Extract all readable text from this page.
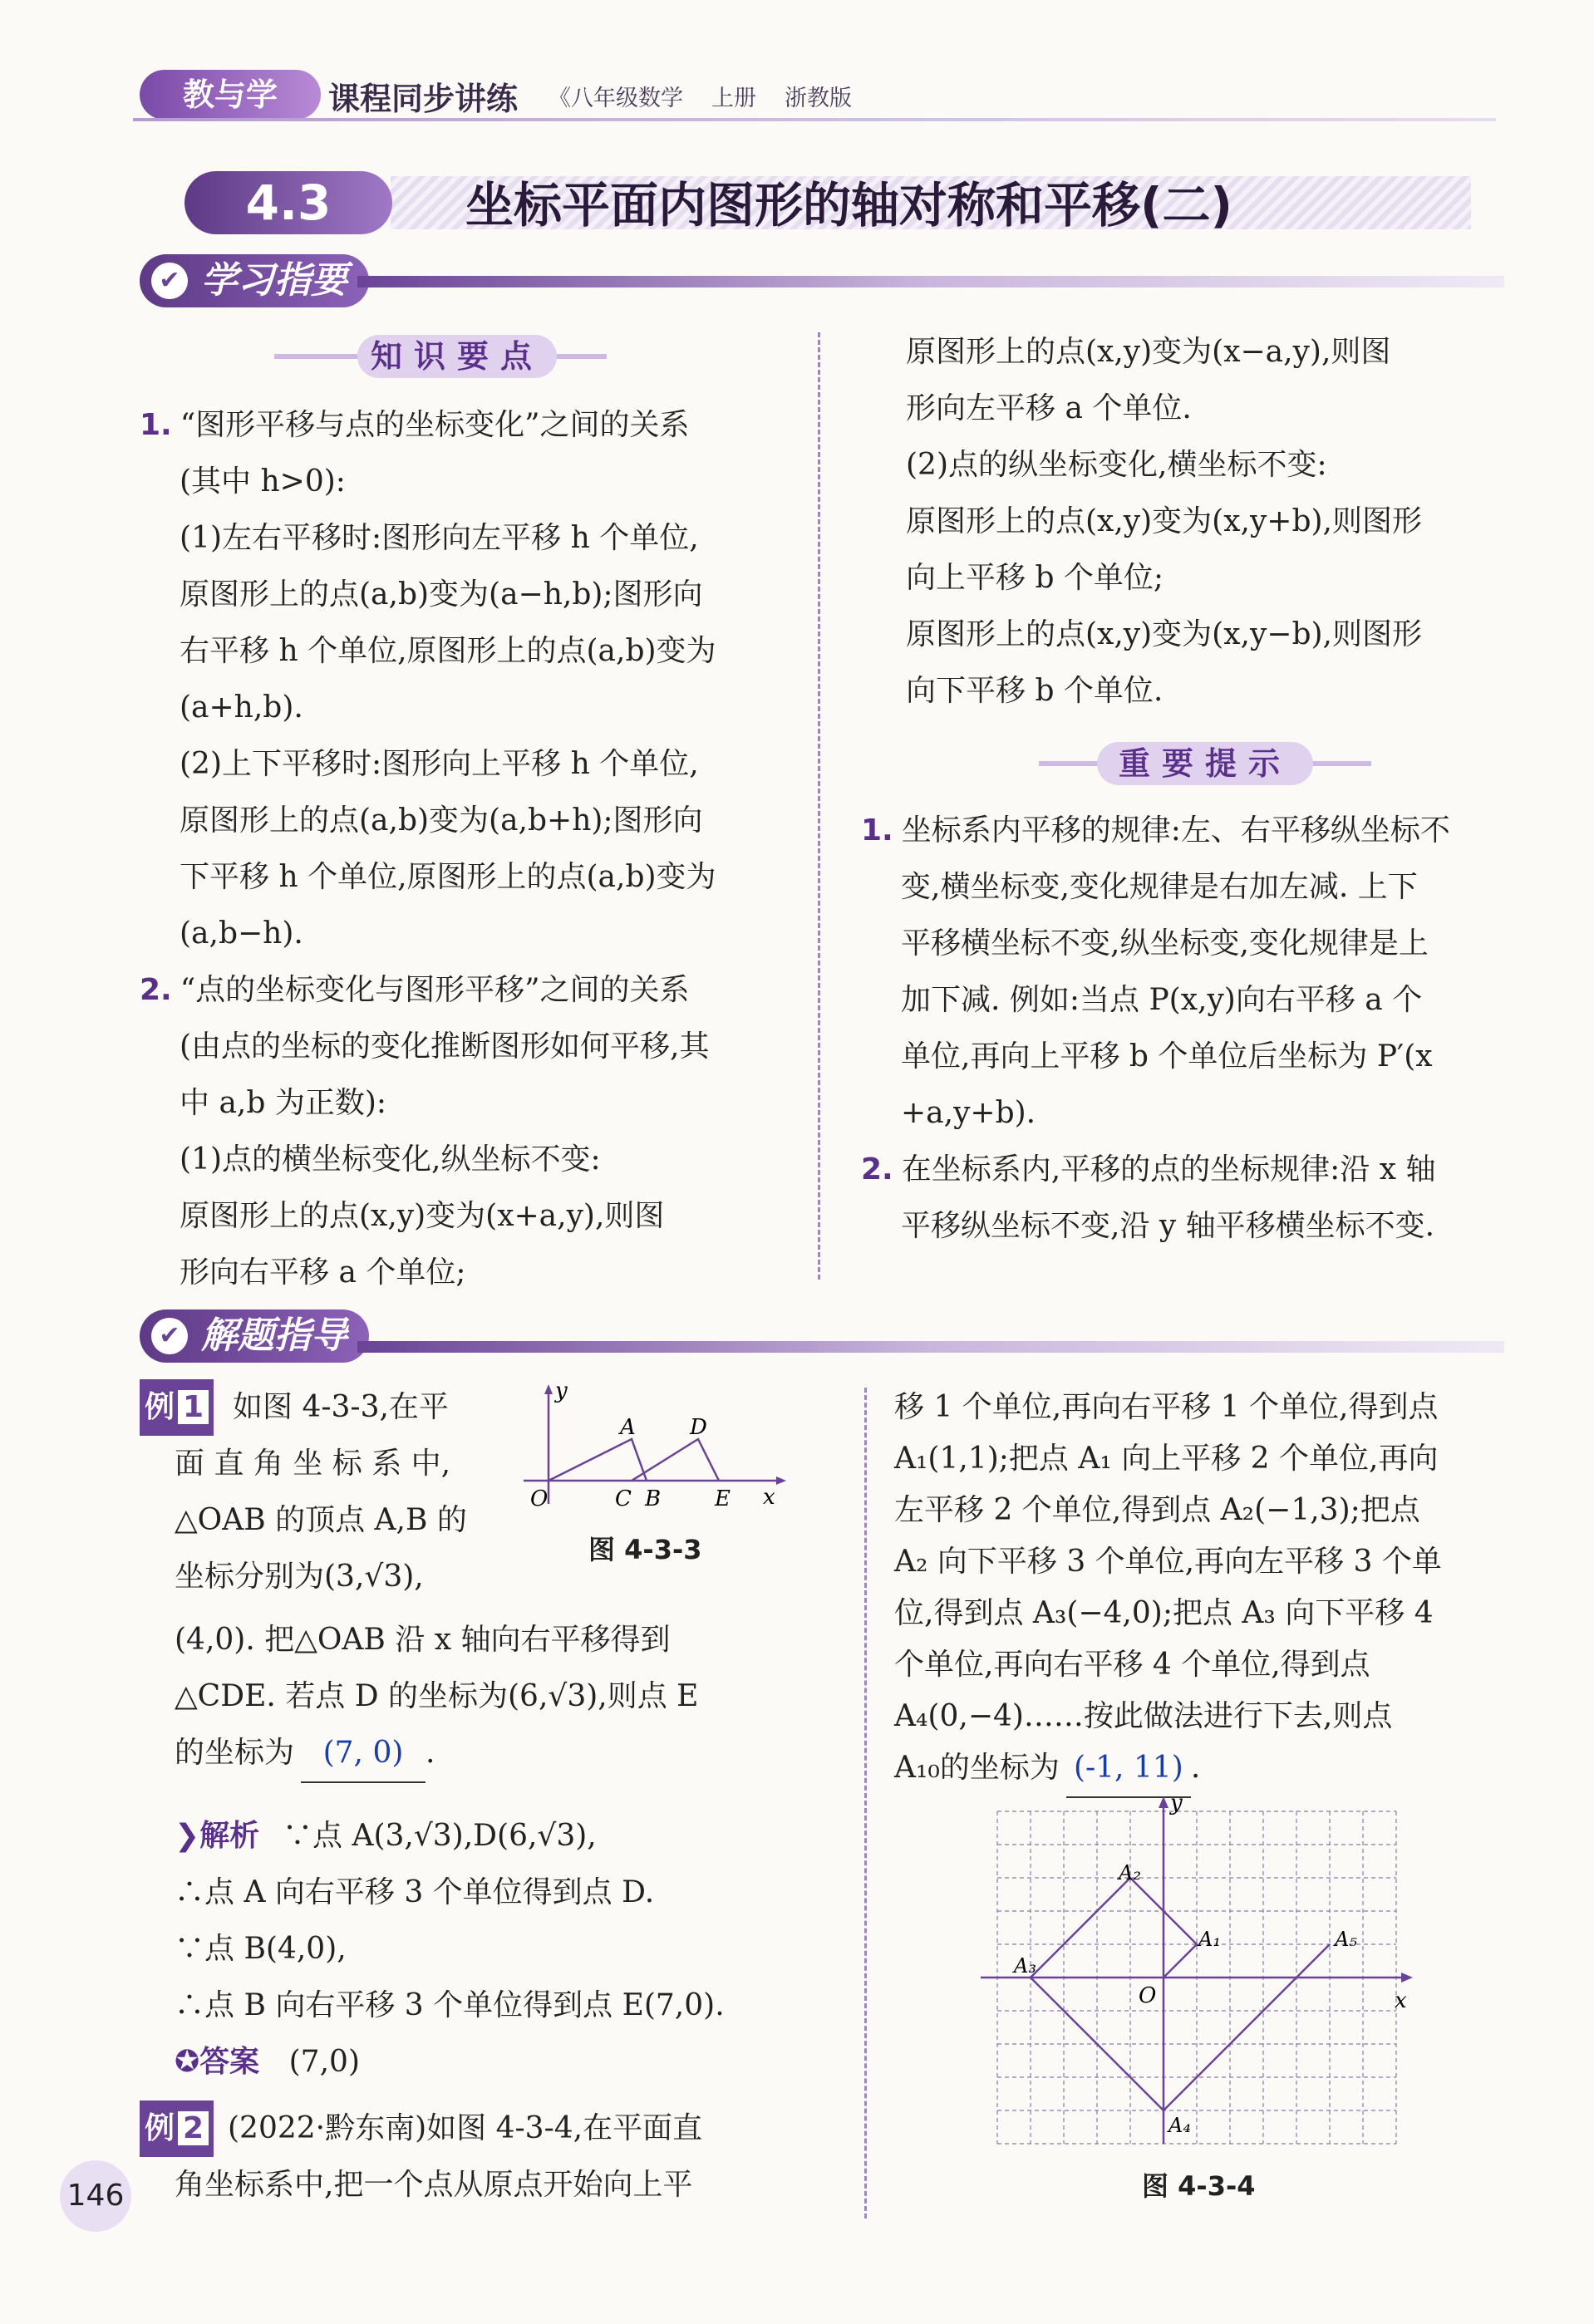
教与学	课程同步讲练 《八年级数学 上册 浙教版
4.3	坐标平面内图形的轴对称和平移(二)
✔ 学习指要
知识要点
1. “图形平移与点的坐标变化”之间的关系
(其中 h>0):
(1)左右平移时:图形向左平移 h 个单位,
原图形上的点(a,b)变为(a−h,b);图形向
右平移 h 个单位,原图形上的点(a,b)变为
(a+h,b).
(2)上下平移时:图形向上平移 h 个单位,
原图形上的点(a,b)变为(a,b+h);图形向
下平移 h 个单位,原图形上的点(a,b)变为
(a,b−h).
2. “点的坐标变化与图形平移”之间的关系
(由点的坐标的变化推断图形如何平移,其
中 a,b 为正数):
(1)点的横坐标变化,纵坐标不变:
原图形上的点(x,y)变为(x+a,y),则图
形向右平移 a 个单位;
原图形上的点(x,y)变为(x−a,y),则图
形向左平移 a 个单位.
(2)点的纵坐标变化,横坐标不变:
原图形上的点(x,y)变为(x,y+b),则图形
向上平移 b 个单位;
原图形上的点(x,y)变为(x,y−b),则图形
向下平移 b 个单位.
重要提示
1. 坐标系内平移的规律:左、右平移纵坐标不
变,横坐标变,变化规律是右加左减. 上下
平移横坐标不变,纵坐标变,变化规律是上
加下减. 例如:当点 P(x,y)向右平移 a 个
单位,再向上平移 b 个单位后坐标为 P′(x
+a,y+b).
2. 在坐标系内,平移的点的坐标规律:沿 x 轴
平移纵坐标不变,沿 y 轴平移横坐标不变.
✔ 解题指导
例 1 如图 4-3-3,在平
面 直 角 坐 标 系 中,
△OAB 的顶点 A,B 的
坐标分别为(3,√3),
(4,0). 把△OAB 沿 x 轴向右平移得到
△CDE. 若点 D 的坐标为(6,√3),则点 E
的坐标为 (7, 0) .
y
x
O
A	D
C B E
图 4-3-3
❯解析 ∵点 A(3,√3),D(6,√3),
∴点 A 向右平移 3 个单位得到点 D.
∵点 B(4,0),
∴点 B 向右平移 3 个单位得到点 E(7,0).
✪答案 (7,0)
例 2 (2022·黔东南)如图 4-3-4,在平面直
角坐标系中,把一个点从原点开始向上平
移 1 个单位,再向右平移 1 个单位,得到点
A₁(1,1);把点 A₁ 向上平移 2 个单位,再向
左平移 2 个单位,得到点 A₂(−1,3);把点
A₂ 向下平移 3 个单位,再向左平移 3 个单
位,得到点 A₃(−4,0);把点 A₃ 向下平移 4
个单位,再向右平移 4 个单位,得到点
A₄(0,−4)……按此做法进行下去,则点
A₁₀的坐标为 (-1, 11) .
y
x
O
A₁
A₂
A₃
A₄
A₅
图 4-3-4
146
